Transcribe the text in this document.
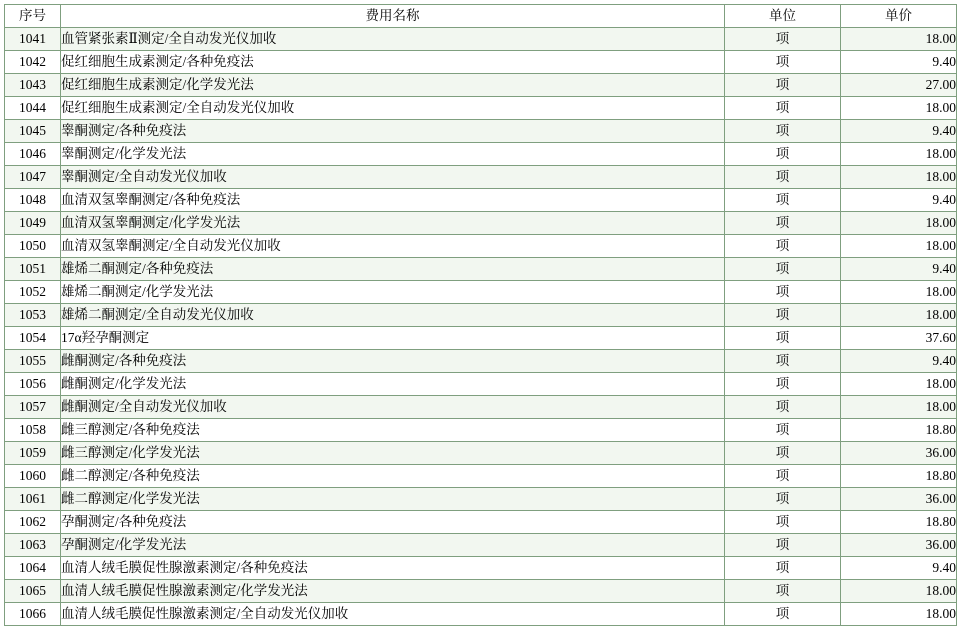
序号	费用名称	单位	单价
1041	血管紧张素Ⅱ测定/全自动发光仪加收	项	18.00
1042	促红细胞生成素测定/各种免疫法	项	9.40
1043	促红细胞生成素测定/化学发光法	项	27.00
1044	促红细胞生成素测定/全自动发光仪加收	项	18.00
1045	睾酮测定/各种免疫法	项	9.40
1046	睾酮测定/化学发光法	项	18.00
1047	睾酮测定/全自动发光仪加收	项	18.00
1048	血清双氢睾酮测定/各种免疫法	项	9.40
1049	血清双氢睾酮测定/化学发光法	项	18.00
1050	血清双氢睾酮测定/全自动发光仪加收	项	18.00
1051	雄烯二酮测定/各种免疫法	项	9.40
1052	雄烯二酮测定/化学发光法	项	18.00
1053	雄烯二酮测定/全自动发光仪加收	项	18.00
1054	17α羟孕酮测定	项	37.60
1055	雌酮测定/各种免疫法	项	9.40
1056	雌酮测定/化学发光法	项	18.00
1057	雌酮测定/全自动发光仪加收	项	18.00
1058	雌三醇测定/各种免疫法	项	18.80
1059	雌三醇测定/化学发光法	项	36.00
1060	雌二醇测定/各种免疫法	项	18.80
1061	雌二醇测定/化学发光法	项	36.00
1062	孕酮测定/各种免疫法	项	18.80
1063	孕酮测定/化学发光法	项	36.00
1064	血清人绒毛膜促性腺激素测定/各种免疫法	项	9.40
1065	血清人绒毛膜促性腺激素测定/化学发光法	项	18.00
1066	血清人绒毛膜促性腺激素测定/全自动发光仪加收	项	18.00
